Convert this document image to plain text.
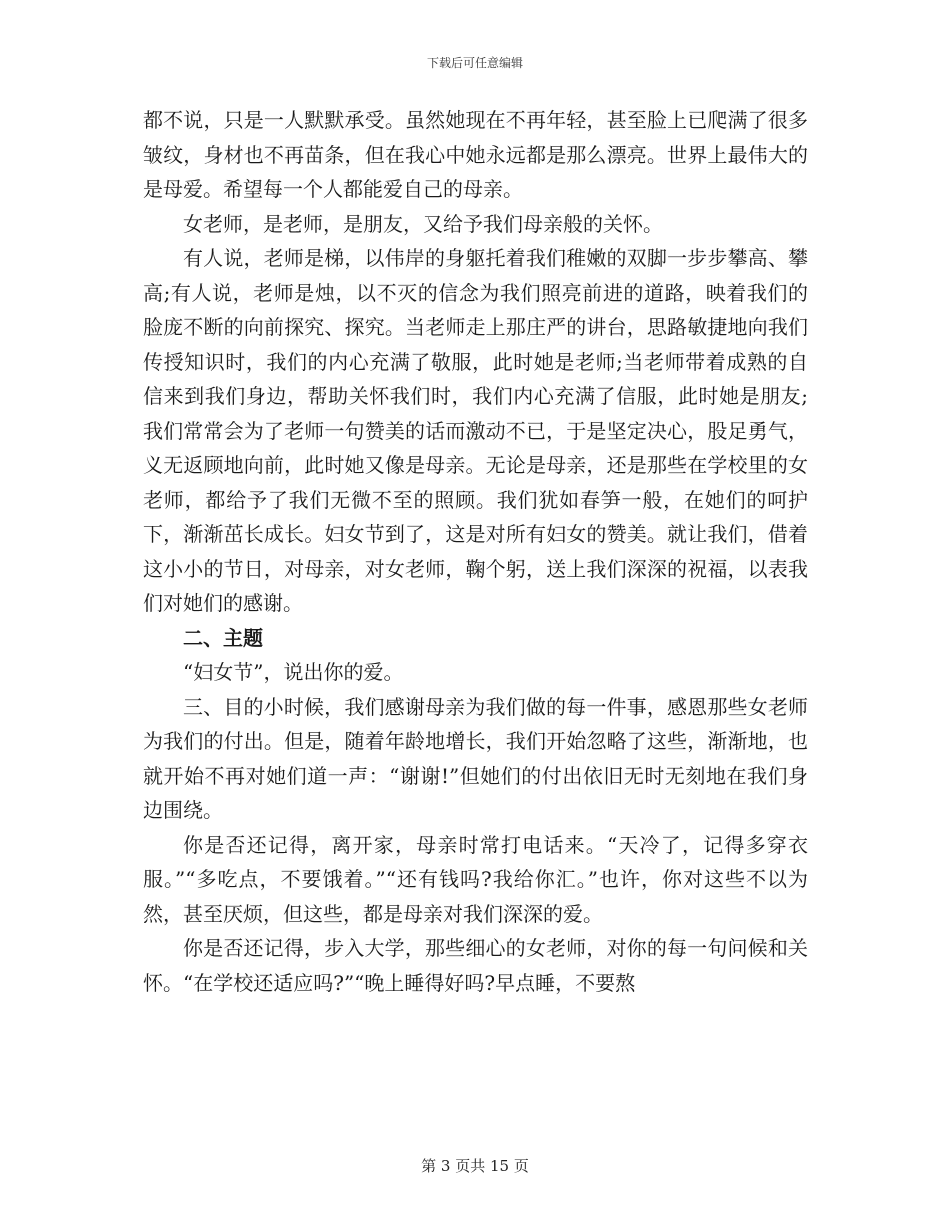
下载后可任意编辑

都不说，只是一人默默承受。虽然她现在不再年轻，甚至脸上已爬满了很多皱纹，身材也不再苗条，但在我心中她永远都是那么漂亮。世界上最伟大的是母爱。希望每一个人都能爱自己的母亲。

女老师，是老师，是朋友，又给予我们母亲般的关怀。

有人说，老师是梯，以伟岸的身躯托着我们稚嫩的双脚一步步攀高、攀高;有人说，老师是烛，以不灭的信念为我们照亮前进的道路，映着我们的脸庞不断的向前探究、探究。当老师走上那庄严的讲台，思路敏捷地向我们传授知识时，我们的内心充满了敬服，此时她是老师;当老师带着成熟的自信来到我们身边，帮助关怀我们时，我们内心充满了信服，此时她是朋友;我们常常会为了老师一句赞美的话而激动不已，于是坚定决心，股足勇气，义无返顾地向前，此时她又像是母亲。无论是母亲，还是那些在学校里的女老师，都给予了我们无微不至的照顾。我们犹如春笋一般，在她们的呵护下，渐渐茁长成长。妇女节到了，这是对所有妇女的赞美。就让我们，借着这小小的节日，对母亲，对女老师，鞠个躬，送上我们深深的祝福，以表我们对她们的感谢。

二、主题

“妇女节”，说出你的爱。

三、目的小时候，我们感谢母亲为我们做的每一件事，感恩那些女老师为我们的付出。但是，随着年龄地增长，我们开始忽略了这些，渐渐地，也就开始不再对她们道一声：“谢谢!”但她们的付出依旧无时无刻地在我们身边围绕。

你是否还记得，离开家，母亲时常打电话来。“天冷了，记得多穿衣服。”“多吃点，不要饿着。”“还有钱吗?我给你汇。”也许，你对这些不以为然，甚至厌烦，但这些，都是母亲对我们深深的爱。

你是否还记得，步入大学，那些细心的女老师，对你的每一句问候和关怀。“在学校还适应吗?”“晚上睡得好吗?早点睡，不要熬

第 3 页共 15 页
